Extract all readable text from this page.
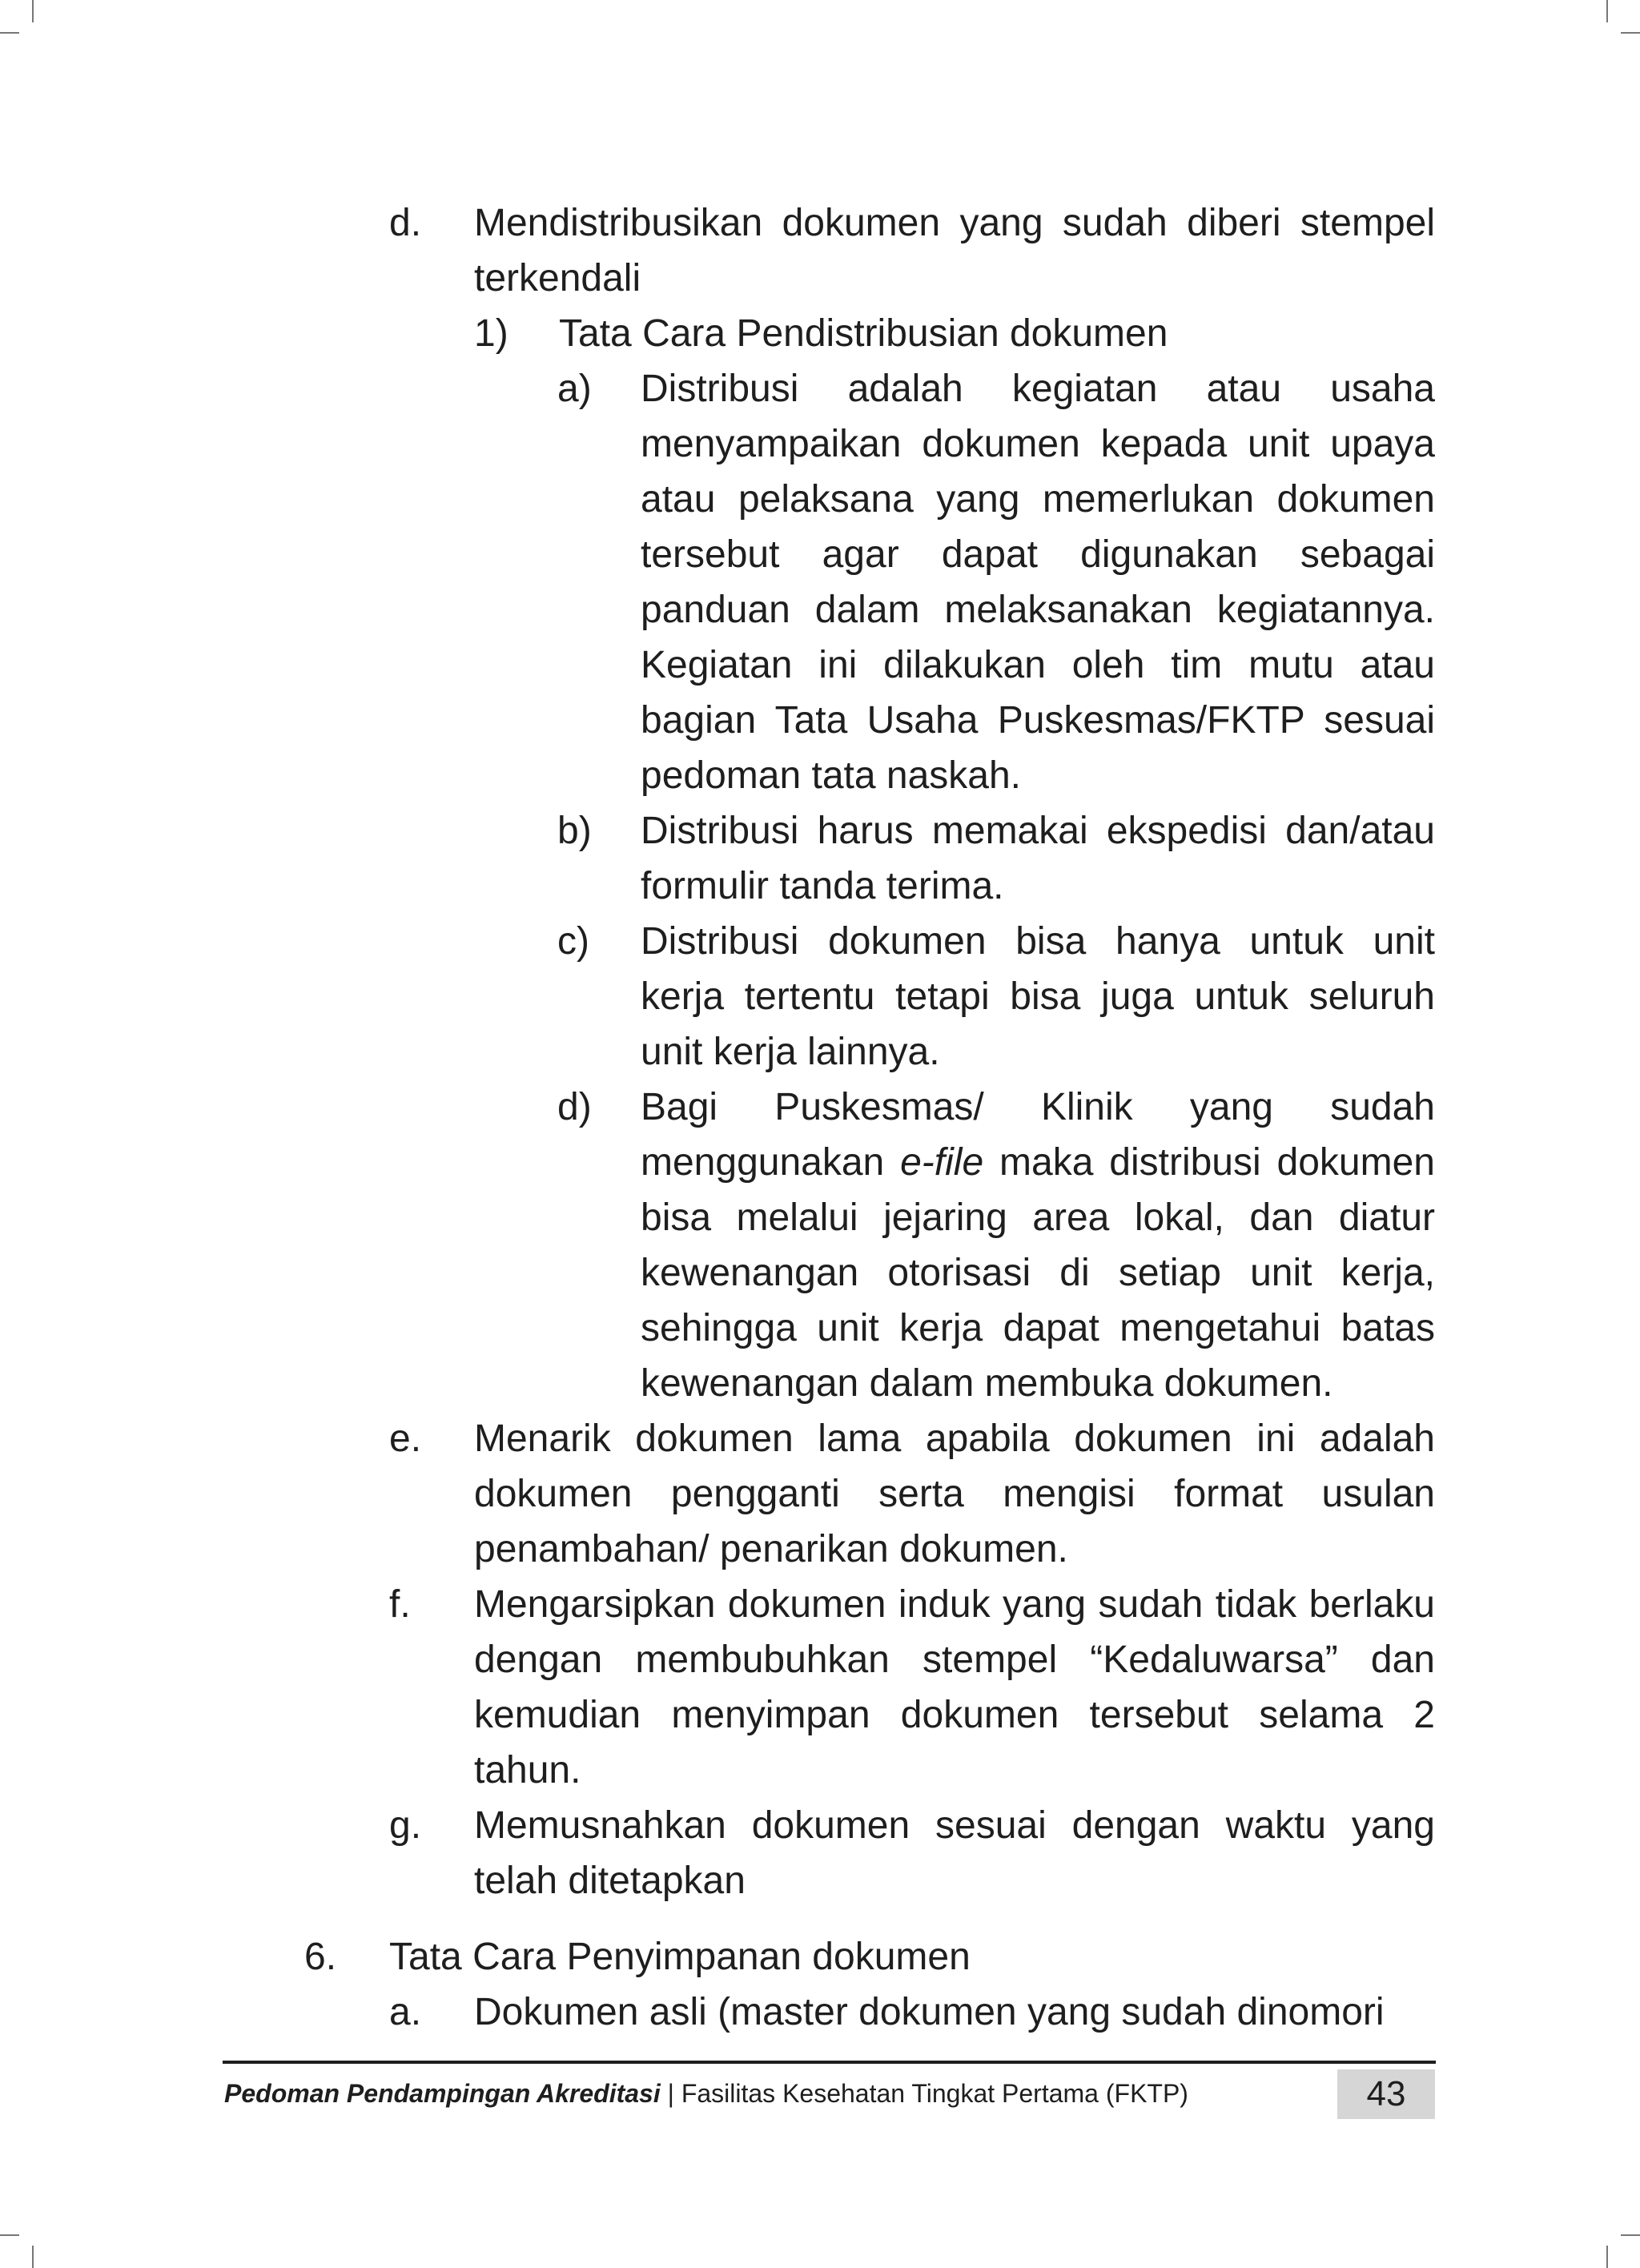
d.	Mendistribusikan dokumen yang sudah diberi stempel terkendali
1)	Tata Cara Pendistribusian dokumen
a)	Distribusi adalah kegiatan atau usaha menyampaikan dokumen kepada unit upaya atau pelaksana yang memerlukan dokumen tersebut agar dapat digunakan sebagai panduan dalam melaksanakan kegiatannya. Kegiatan ini dilakukan oleh tim mutu atau bagian Tata Usaha Puskesmas/FKTP sesuai pedoman tata naskah.
b)	Distribusi harus memakai ekspedisi dan/atau formulir tanda terima.
c)	Distribusi dokumen bisa hanya untuk unit kerja tertentu tetapi bisa juga untuk seluruh unit kerja lainnya.
d)	Bagi Puskesmas/ Klinik yang sudah menggunakan e-file maka distribusi dokumen bisa melalui jejaring area lokal, dan diatur kewenangan otorisasi di setiap unit kerja, sehingga unit kerja dapat mengetahui batas kewenangan dalam membuka dokumen.
e.	Menarik dokumen lama apabila dokumen ini adalah dokumen pengganti serta mengisi format usulan penambahan/ penarikan dokumen.
f.	Mengarsipkan dokumen induk yang sudah tidak berlaku dengan membubuhkan stempel “Kedaluwarsa” dan kemudian menyimpan dokumen tersebut selama 2 tahun.
g.	Memusnahkan dokumen sesuai dengan waktu yang telah ditetapkan
6.	Tata Cara Penyimpanan dokumen
a.	Dokumen asli (master dokumen yang sudah dinomori
Pedoman Pendampingan Akreditasi | Fasilitas Kesehatan Tingkat Pertama (FKTP)	43
